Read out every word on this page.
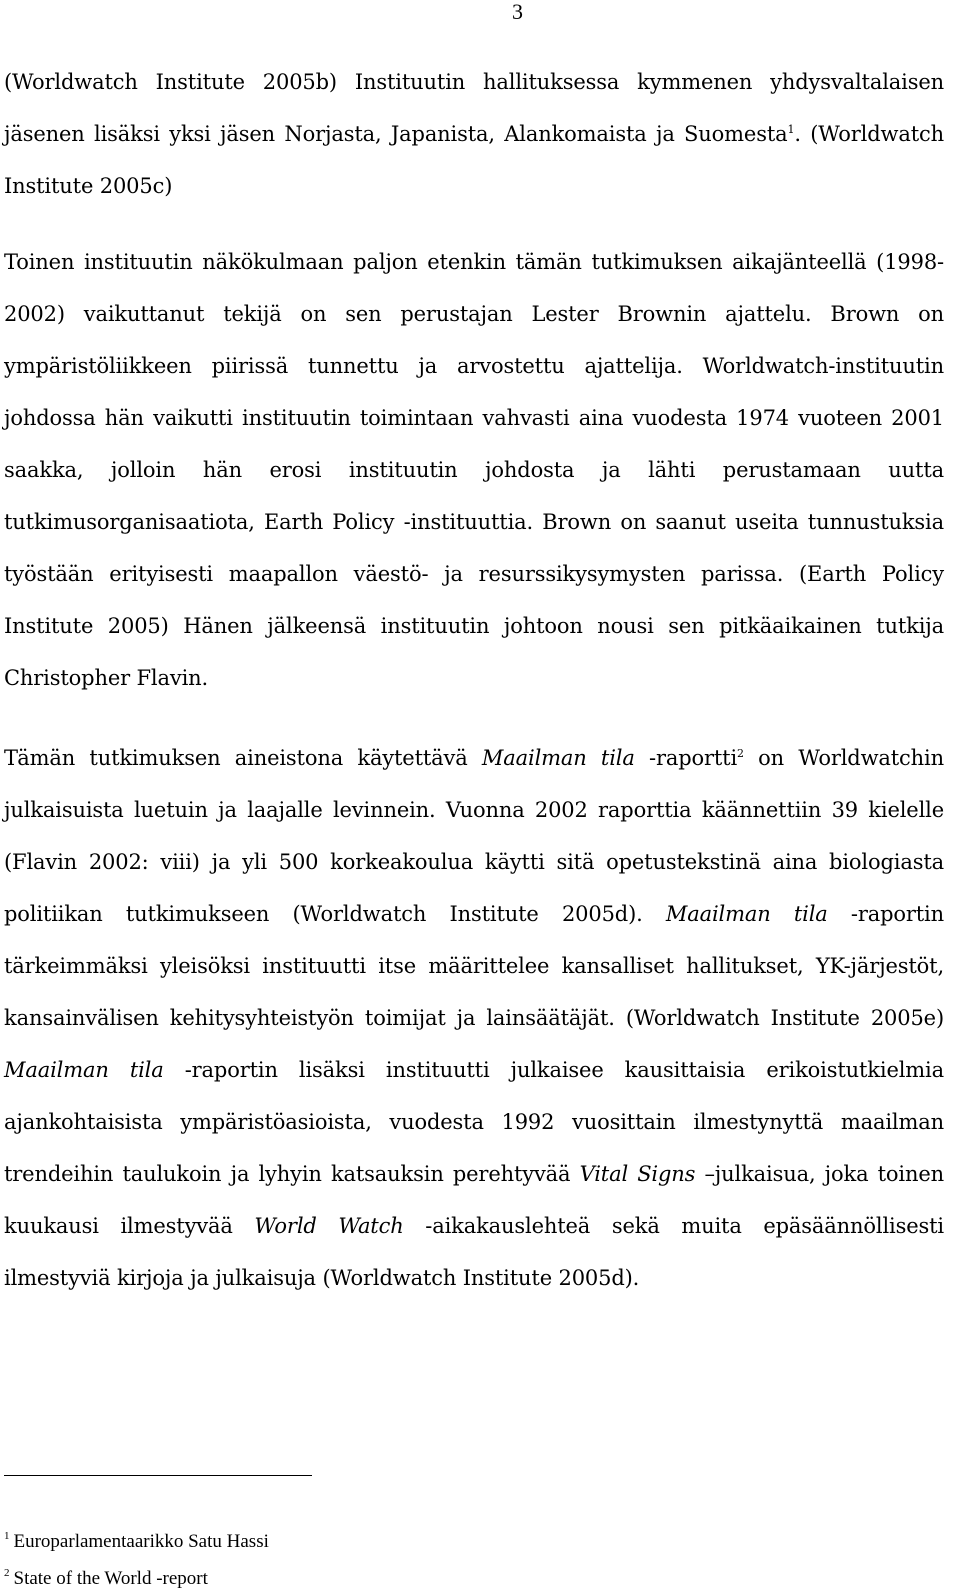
3

(Worldwatch Institute 2005b) Instituutin hallituksessa kymmenen yhdysvaltalaisen jäsenen lisäksi yksi jäsen Norjasta, Japanista, Alankomaista ja Suomesta$^1$. (Worldwatch Institute 2005c)

Toinen instituutin näkökulmaan paljon etenkin tämän tutkimuksen aikajänteellä (1998-2002) vaikuttanut tekijä on sen perustajan Lester Brownin ajattelu. Brown on ympäristöliikkeen piirissä tunnettu ja arvostettu ajattelija. Worldwatch-instituutin johdossa hän vaikutti instituutin toimintaan vahvasti aina vuodesta 1974 vuoteen 2001 saakka, jolloin hän erosi instituutin johdosta ja lähti perustamaan uutta tutkimusorganisaatiota, Earth Policy -instituuttia. Brown on saanut useita tunnustuksia työstään erityisesti maapallon väestö- ja resurssikysymysten parissa. (Earth Policy Institute 2005) Hänen jälkeensä instituutin johtoon nousi sen pitkäaikainen tutkija Christopher Flavin.

Tämän tutkimuksen aineistona käytettävä Maailman tila -raportti$^2$ on Worldwatchin julkaisuista luetuin ja laajalle levinnein. Vuonna 2002 raporttia käännettiin 39 kielelle (Flavin 2002: viii) ja yli 500 korkeakoulua käytti sitä opetustekstinä aina biologiasta politiikan tutkimukseen (Worldwatch Institute 2005d). Maailman tila -raportin tärkeimmäksi yleisöksi instituutti itse määrittelee kansalliset hallitukset, YK-järjestöt, kansainvälisen kehitysyhteistyön toimijat ja lainsäätäjät. (Worldwatch Institute 2005e) Maailman tila -raportin lisäksi instituutti julkaisee kausittaisia erikoistutkielmia ajankohtaisista ympäristöasioista, vuodesta 1992 vuosittain ilmestynyttä maailman trendeihin taulukoin ja lyhyin katsauksin perehtyvää Vital Signs –julkaisua, joka toinen kuukausi ilmestyvää World Watch -aikakauslehteä sekä muita epäsäännöllisesti ilmestyviä kirjoja ja julkaisuja (Worldwatch Institute 2005d).

$^1$ Europarlamentaarikko Satu Hassi
$^2$ State of the World -report
